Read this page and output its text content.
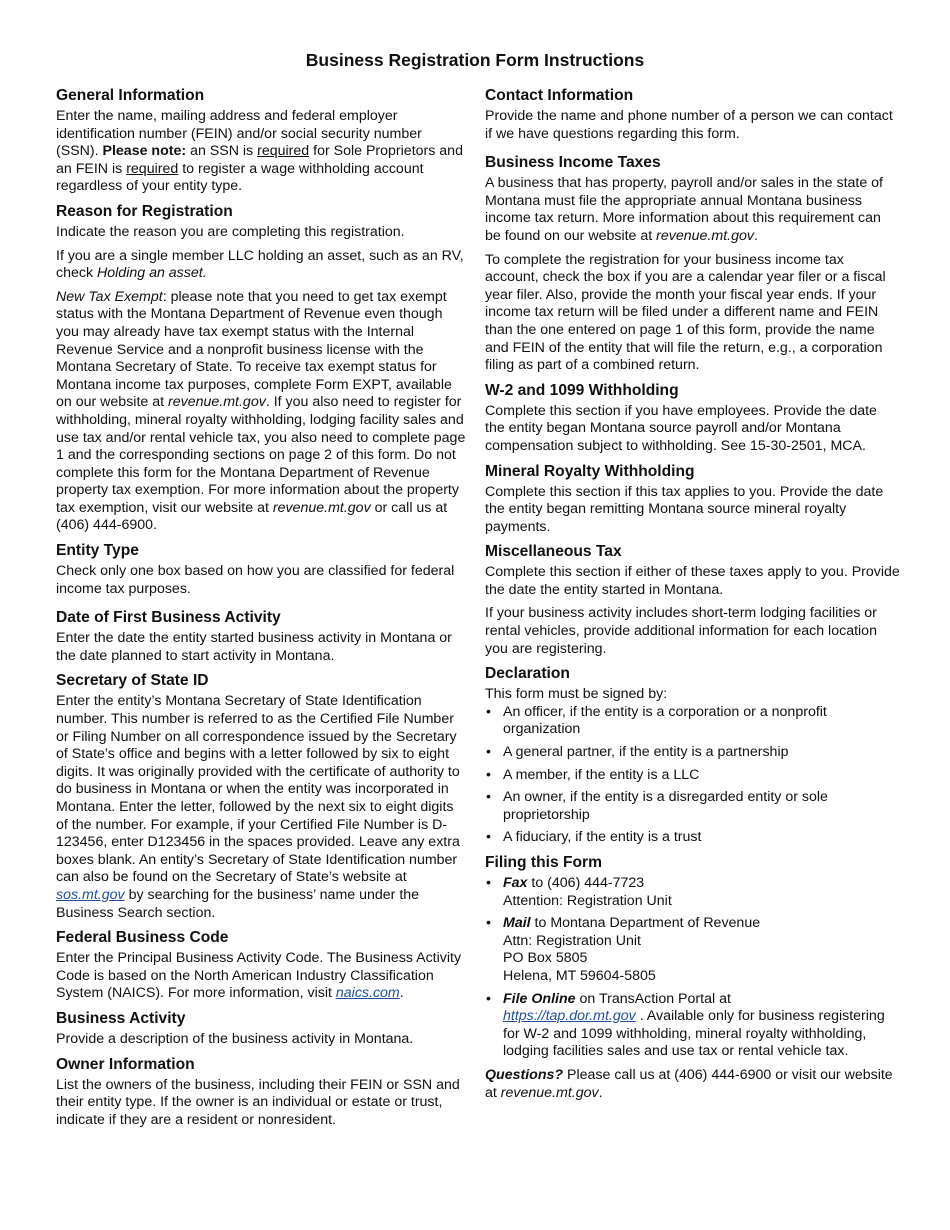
Business Registration Form Instructions
General Information

Enter the name, mailing address and federal employer identification number (FEIN) and/or social security number (SSN). Please note: an SSN is required for Sole Proprietors and an FEIN is required to register a wage withholding account regardless of your entity type.

Reason for Registration

Indicate the reason you are completing this registration.

If you are a single member LLC holding an asset, such as an RV, check Holding an asset.

New Tax Exempt: please note that you need to get tax exempt status with the Montana Department of Revenue even though you may already have tax exempt status with the Internal Revenue Service and a nonprofit business license with the Montana Secretary of State. To receive tax exempt status for Montana income tax purposes, complete Form EXPT, available on our website at revenue.mt.gov. If you also need to register for withholding, mineral royalty withholding, lodging facility sales and use tax and/or rental vehicle tax, you also need to complete page 1 and the corresponding sections on page 2 of this form. Do not complete this form for the Montana Department of Revenue property tax exemption. For more information about the property tax exemption, visit our website at revenue.mt.gov or call us at (406) 444-6900.

Entity Type

Check only one box based on how you are classified for federal income tax purposes.

Date of First Business Activity

Enter the date the entity started business activity in Montana or the date planned to start activity in Montana.

Secretary of State ID

Enter the entity’s Montana Secretary of State Identification number. This number is referred to as the Certified File Number or Filing Number on all correspondence issued by the Secretary of State’s office and begins with a letter followed by six to eight digits. It was originally provided with the certificate of authority to do business in Montana or when the entity was incorporated in Montana. Enter the letter, followed by the next six to eight digits of the number. For example, if your Certified File Number is D-123456, enter D123456 in the spaces provided. Leave any extra boxes blank. An entity’s Secretary of State Identification number can also be found on the Secretary of State’s website at sos.mt.gov by searching for the business’ name under the Business Search section.

Federal Business Code

Enter the Principal Business Activity Code. The Business Activity Code is based on the North American Industry Classification System (NAICS). For more information, visit naics.com.

Business Activity

Provide a description of the business activity in Montana.

Owner Information

List the owners of the business, including their FEIN or SSN and their entity type. If the owner is an individual or estate or trust, indicate if they are a resident or nonresident.

Contact Information

Provide the name and phone number of a person we can contact if we have questions regarding this form.

Business Income Taxes

A business that has property, payroll and/or sales in the state of Montana must file the appropriate annual Montana business income tax return. More information about this requirement can be found on our website at revenue.mt.gov.

To complete the registration for your business income tax account, check the box if you are a calendar year filer or a fiscal year filer. Also, provide the month your fiscal year ends. If your income tax return will be filed under a different name and FEIN than the one entered on page 1 of this form, provide the name and FEIN of the entity that will file the return, e.g., a corporation filing as part of a combined return.

W-2 and 1099 Withholding

Complete this section if you have employees. Provide the date the entity began Montana source payroll and/or Montana compensation subject to withholding. See 15-30-2501, MCA.

Mineral Royalty Withholding

Complete this section if this tax applies to you. Provide the date the entity began remitting Montana source mineral royalty payments.

Miscellaneous Tax

Complete this section if either of these taxes apply to you. Provide the date the entity started in Montana.

If your business activity includes short-term lodging facilities or rental vehicles, provide additional information for each location you are registering.

Declaration

This form must be signed by:

• An officer, if the entity is a corporation or a nonprofit organization
• A general partner, if the entity is a partnership
• A member, if the entity is a LLC
• An owner, if the entity is a disregarded entity or sole proprietorship
• A fiduciary, if the entity is a trust
Filing this Form
• Fax to (406) 444-7723
Attention: Registration Unit
• Mail to Montana Department of Revenue
Attn: Registration Unit
PO Box 5805
Helena, MT 59604-5805
• File Online on TransAction Portal at
https://tap.dor.mt.gov . Available only for business registering for W-2 and 1099 withholding, mineral royalty withholding, lodging facilities sales and use tax or rental vehicle tax.

Questions? Please call us at (406) 444-6900 or visit our website at revenue.mt.gov.
